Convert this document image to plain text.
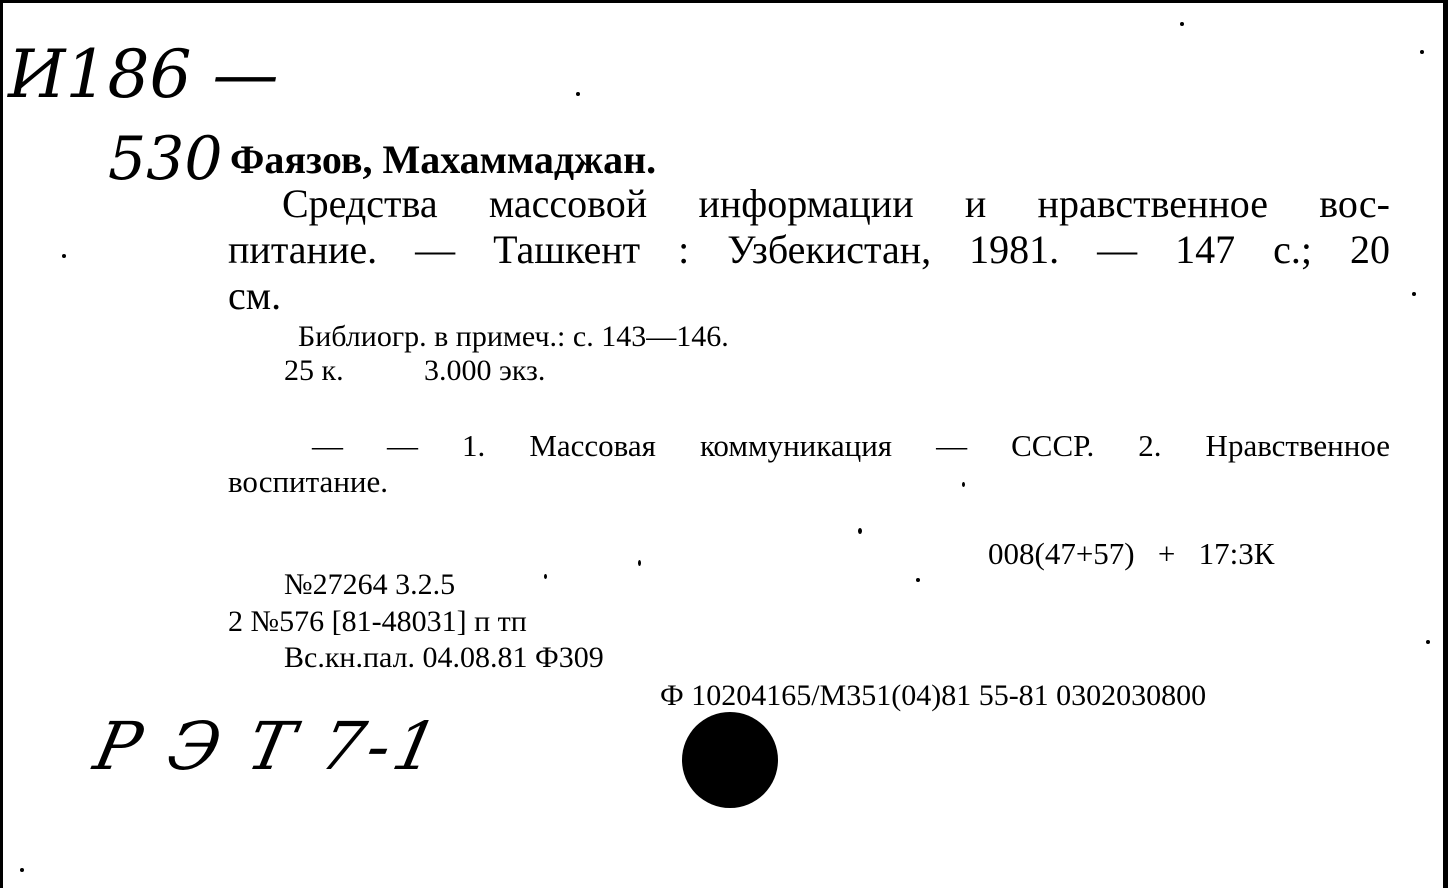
И186 —
530 Фаязов, Махаммаджан.
Средства массовой информации и нравственное вос-
питание. — Ташкент : Узбекистан, 1981. — 147 с.; 20
см.
Библиогр. в примеч.: с. 143—146.
25 к.	3.000 экз.
— — 1. Массовая коммуникация — СССР. 2. Нравственное
воспитание.
008(47+57)   +   17:3К
№27264 3.2.5
2 №576 [81-48031] п тп
Вс.кн.пал. 04.08.81 Ф309
Ф 10204165/М351(04)81 55-81 0302030800
Р Э Т 7-1
